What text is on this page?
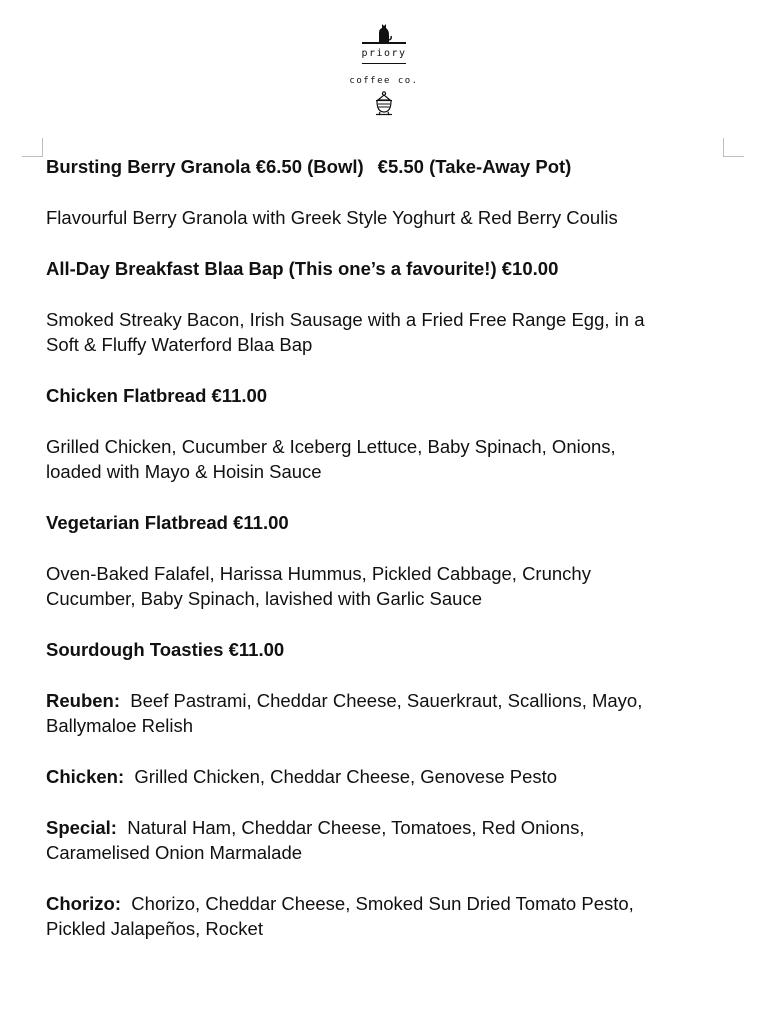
priory
coffee co.

Bursting Berry Granola €6.50 (Bowl) €5.50 (Take-Away Pot)

Flavourful Berry Granola with Greek Style Yoghurt & Red Berry Coulis

All-Day Breakfast Blaa Bap (This one’s a favourite!) €10.00

Smoked Streaky Bacon, Irish Sausage with a Fried Free Range Egg, in a

Soft & Fluffy Waterford Blaa Bap

Chicken Flatbread €11.00

Grilled Chicken, Cucumber & Iceberg Lettuce, Baby Spinach, Onions,

loaded with Mayo & Hoisin Sauce

Vegetarian Flatbread €11.00

Oven-Baked Falafel, Harissa Hummus, Pickled Cabbage, Crunchy

Cucumber, Baby Spinach, lavished with Garlic Sauce

Sourdough Toasties €11.00

Reuben: Beef Pastrami, Cheddar Cheese, Sauerkraut, Scallions, Mayo,

Ballymaloe Relish

Chicken: Grilled Chicken, Cheddar Cheese, Genovese Pesto

Special: Natural Ham, Cheddar Cheese, Tomatoes, Red Onions,

Caramelised Onion Marmalade

Chorizo: Chorizo, Cheddar Cheese, Smoked Sun Dried Tomato Pesto,

Pickled Jalapeños, Rocket
